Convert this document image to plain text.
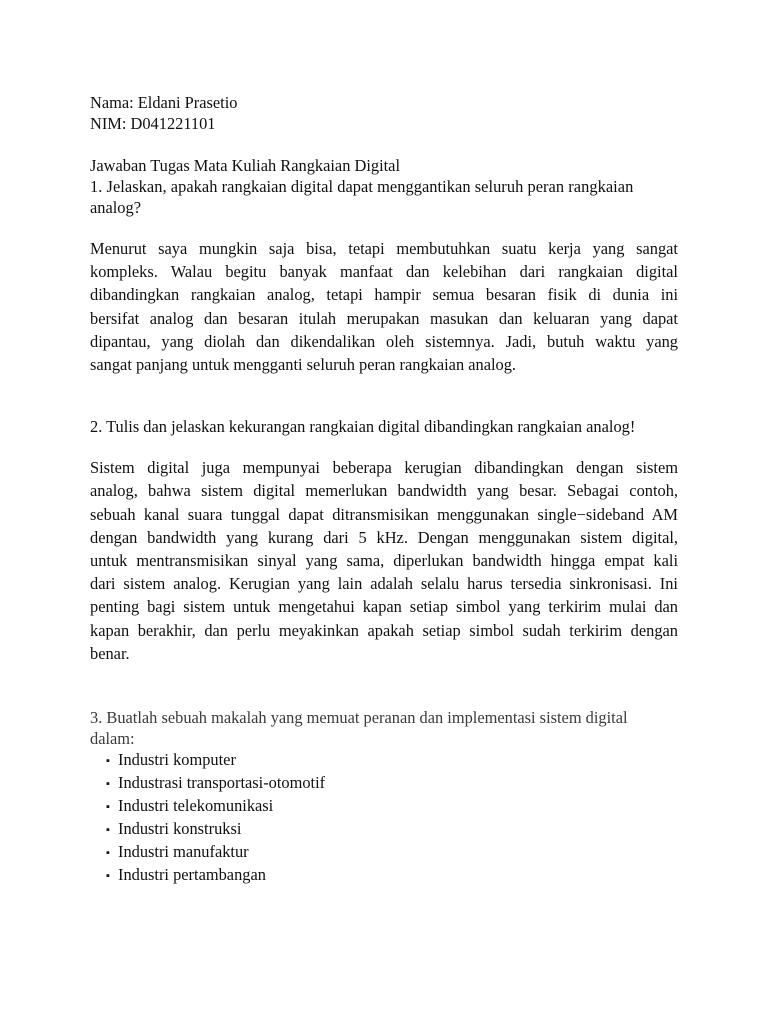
Nama: Eldani Prasetio

NIM: D041221101

Jawaban Tugas Mata Kuliah Rangkaian Digital

1. Jelaskan, apakah rangkaian digital dapat menggantikan seluruh peran rangkaian

analog?

Menurut saya mungkin saja bisa, tetapi membutuhkan suatu kerja yang sangat
kompleks. Walau begitu banyak manfaat dan kelebihan dari rangkaian digital
dibandingkan rangkaian analog, tetapi hampir semua besaran fisik di dunia ini
bersifat analog dan besaran itulah merupakan masukan dan keluaran yang dapat
dipantau, yang diolah dan dikendalikan oleh sistemnya. Jadi, butuh waktu yang

sangat panjang untuk mengganti seluruh peran rangkaian analog.

2. Tulis dan jelaskan kekurangan rangkaian digital dibandingkan rangkaian analog!

Sistem digital juga mempunyai beberapa kerugian dibandingkan dengan sistem
analog, bahwa sistem digital memerlukan bandwidth yang besar. Sebagai contoh,
sebuah kanal suara tunggal dapat ditransmisikan menggunakan single−sideband AM
dengan bandwidth yang kurang dari 5 kHz. Dengan menggunakan sistem digital,
untuk mentransmisikan sinyal yang sama, diperlukan bandwidth hingga empat kali
dari sistem analog. Kerugian yang lain adalah selalu harus tersedia sinkronisasi. Ini
penting bagi sistem untuk mengetahui kapan setiap simbol yang terkirim mulai dan
kapan berakhir, dan perlu meyakinkan apakah setiap simbol sudah terkirim dengan

benar.

3. Buatlah sebuah makalah yang memuat peranan dan implementasi sistem digital

dalam:

▪ Industri komputer
▪ Industrasi transportasi-otomotif
▪ Industri telekomunikasi
▪ Industri konstruksi
▪ Industri manufaktur
▪ Industri pertambangan
